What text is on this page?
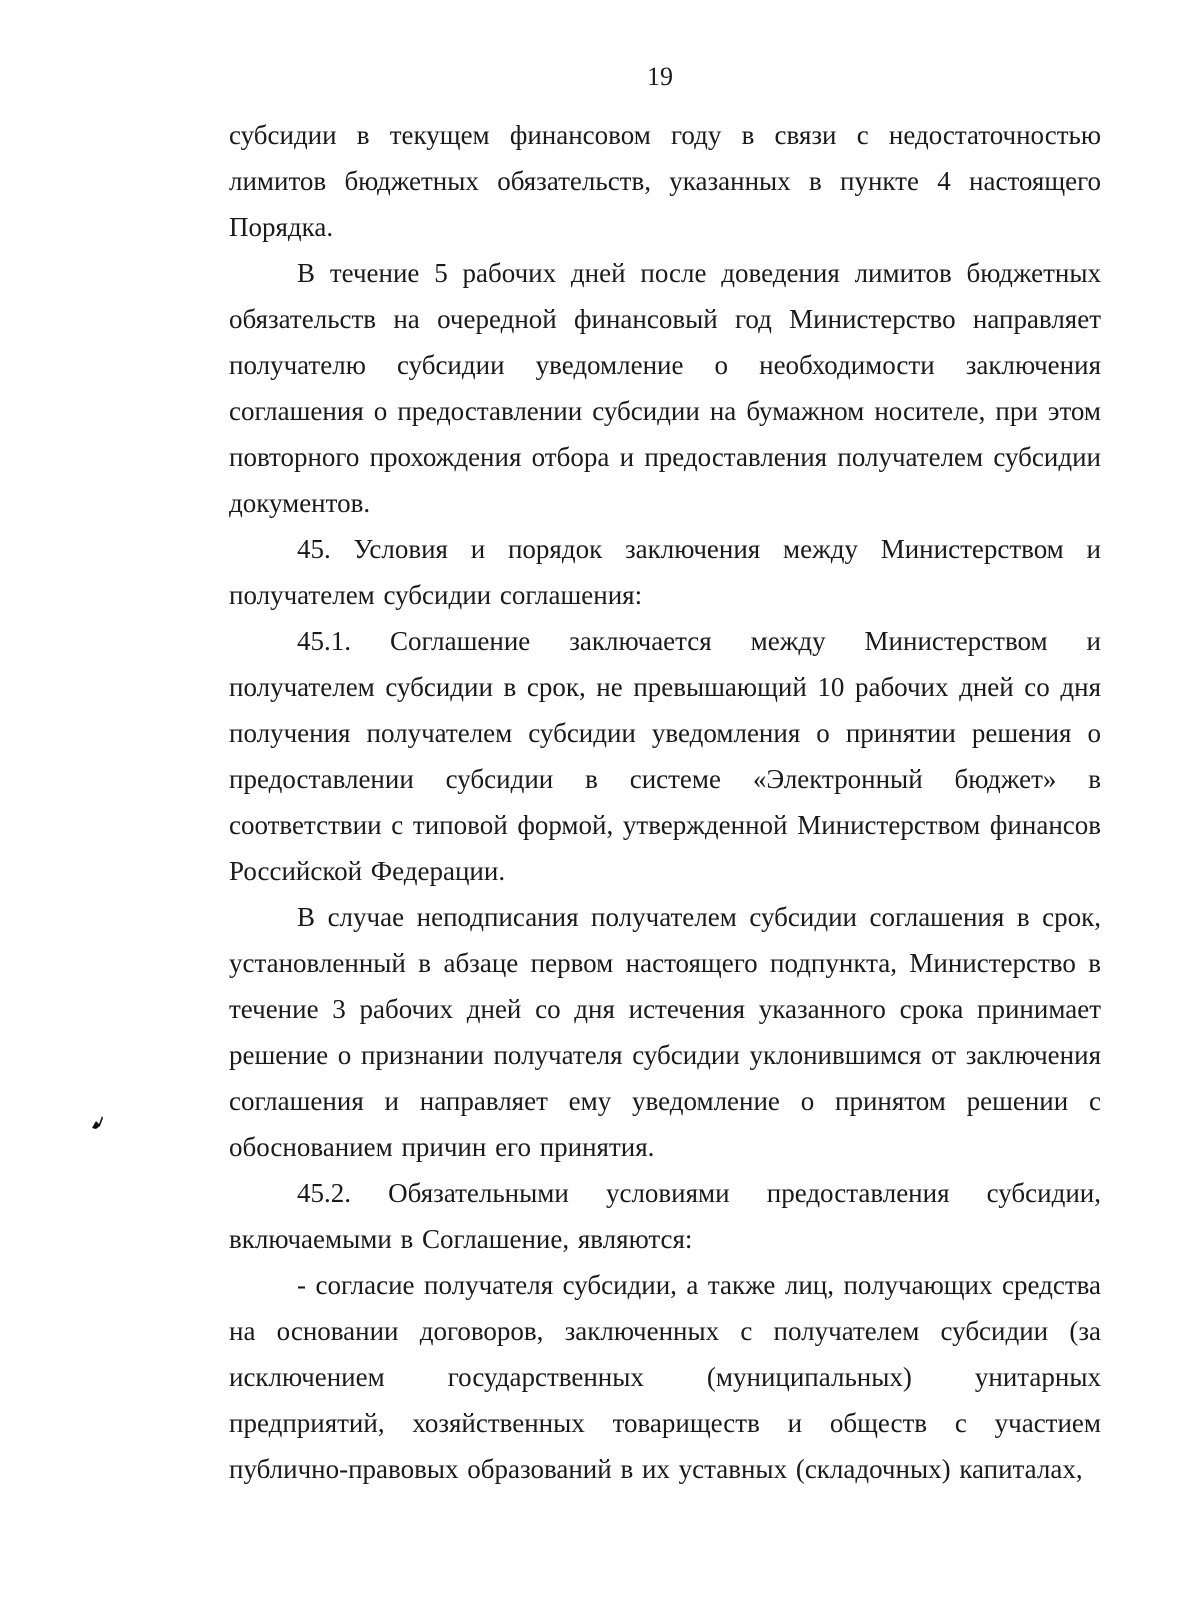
19

субсидии в текущем финансовом году в связи с недостаточностью лимитов бюджетных обязательств, указанных в пункте 4 настоящего Порядка.

В течение 5 рабочих дней после доведения лимитов бюджетных обязательств на очередной финансовый год Министерство направляет получателю субсидии уведомление о необходимости заключения соглашения о предоставлении субсидии на бумажном носителе, при этом повторного прохождения отбора и предоставления получателем субсидии документов.

45. Условия и порядок заключения между Министерством и получателем субсидии соглашения:

45.1. Соглашение заключается между Министерством и получателем субсидии в срок, не превышающий 10 рабочих дней со дня получения получателем субсидии уведомления о принятии решения о предоставлении субсидии в системе «Электронный бюджет» в соответствии с типовой формой, утвержденной Министерством финансов Российской Федерации.

В случае неподписания получателем субсидии соглашения в срок, установленный в абзаце первом настоящего подпункта, Министерство в течение 3 рабочих дней со дня истечения указанного срока принимает решение о признании получателя субсидии уклонившимся от заключения соглашения и направляет ему уведомление о принятом решении с обоснованием причин его принятия.

45.2. Обязательными условиями предоставления субсидии, включаемыми в Соглашение, являются:

- согласие получателя субсидии, а также лиц, получающих средства на основании договоров, заключенных с получателем субсидии (за исключением государственных (муниципальных) унитарных предприятий, хозяйственных товариществ и обществ с участием публично-правовых образований в их уставных (складочных) капиталах,
